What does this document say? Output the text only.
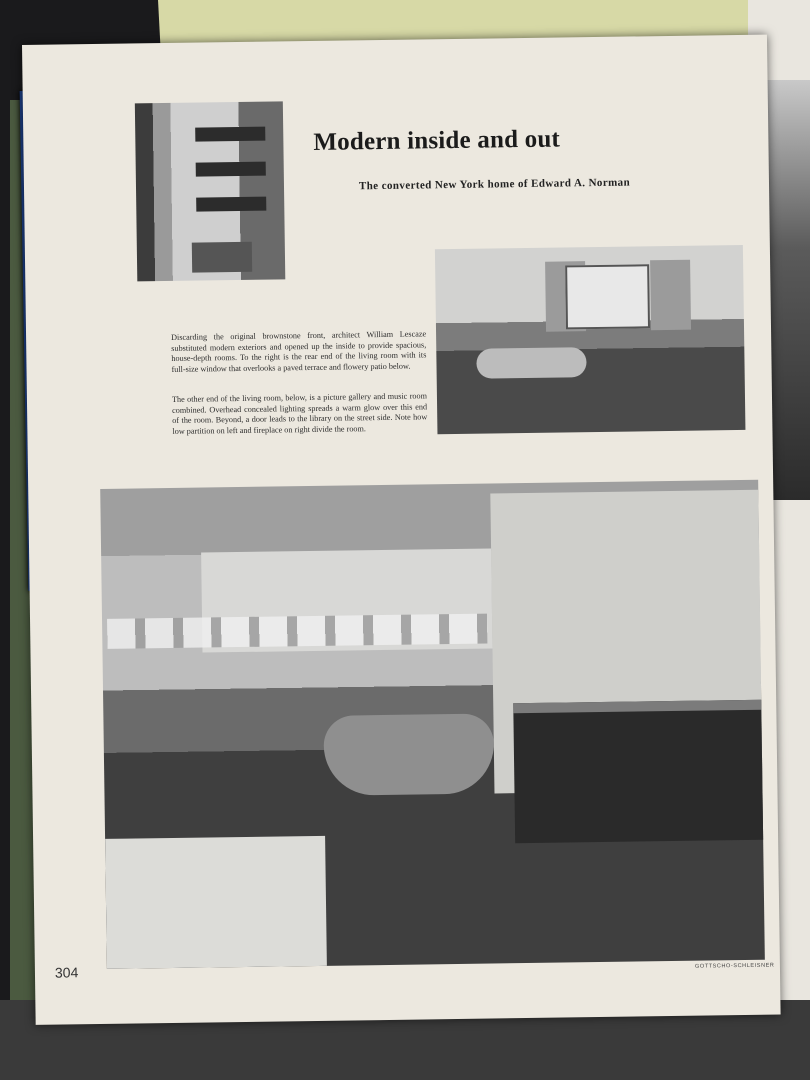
Modern inside and out
The converted New York home of Edward A. Norman

Discarding the original brownstone front, architect William Lescaze substituted modern exteriors and opened up the inside to provide spacious, house-depth rooms. To the right is the rear end of the living room with its full-size window that overlooks a paved terrace and flowery patio below.

The other end of the living room, below, is a picture gallery and music room combined. Overhead concealed lighting spreads a warm glow over this end of the room. Beyond, a door leads to the library on the street side. Note how low partition on left and fireplace on right divide the room.

304	GOTTSCHO-SCHLEISNER
